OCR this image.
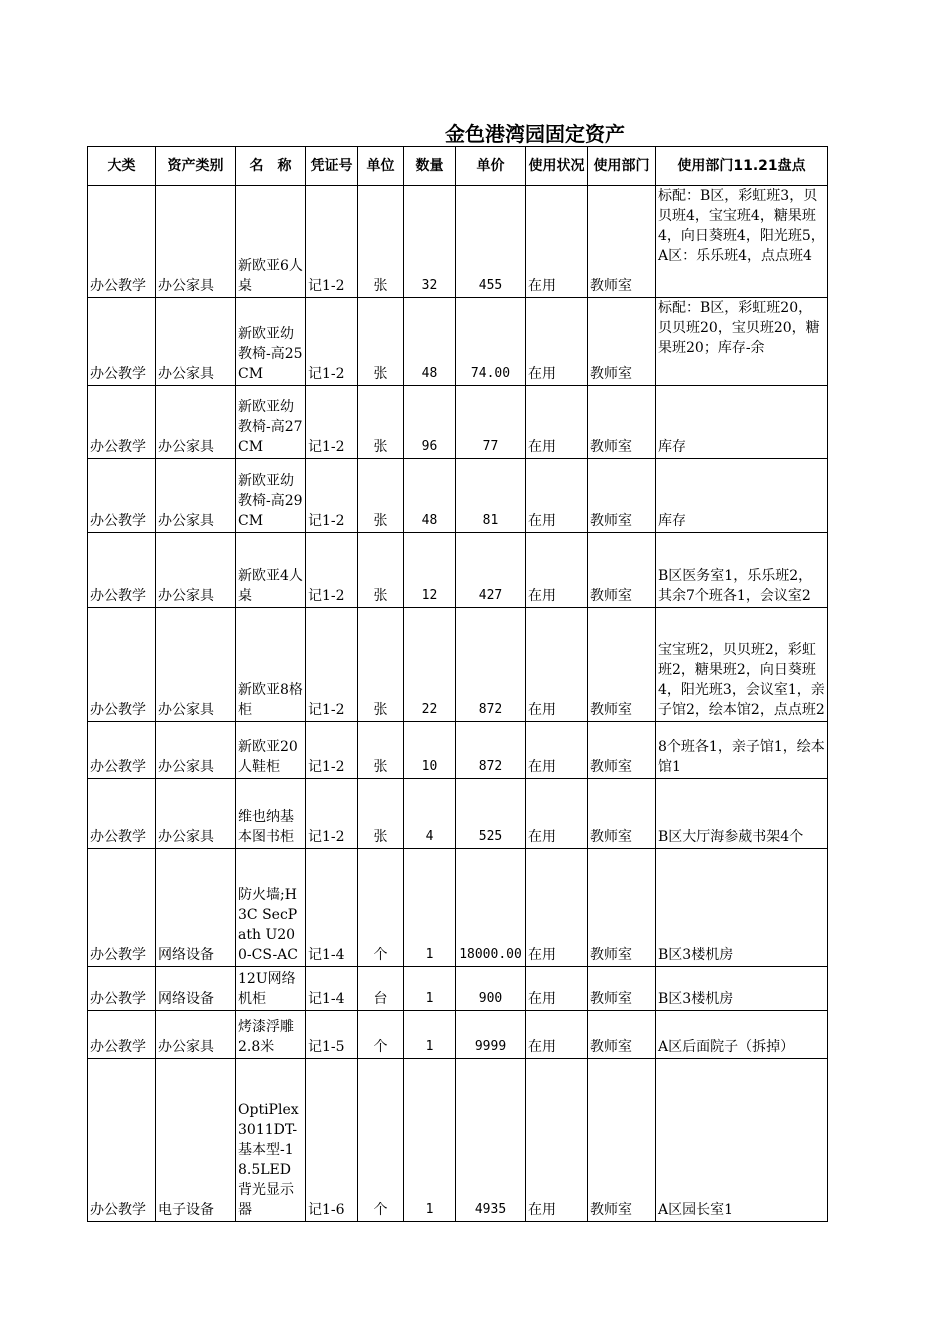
金色港湾园固定资产
大类	资产类别	名　称	凭证号	单位	数量	单价	使用状况	使用部门	使用部门11.21盘点
办公教学	办公家具	新欧亚6人桌	记1-2	张	32	455	在用	教师室	标配：B区，彩虹班3，贝贝班4，宝宝班4，糖果班4，向日葵班4，阳光班5，A区：乐乐班4，点点班4
办公教学	办公家具	新欧亚幼教椅-高25CM	记1-2	张	48	74.00	在用	教师室	标配：B区，彩虹班20，贝贝班20，宝贝班20，糖果班20；库存-余
办公教学	办公家具	新欧亚幼教椅-高27CM	记1-2	张	96	77	在用	教师室	库存
办公教学	办公家具	新欧亚幼教椅-高29CM	记1-2	张	48	81	在用	教师室	库存
办公教学	办公家具	新欧亚4人桌	记1-2	张	12	427	在用	教师室	B区医务室1，乐乐班2，其余7个班各1，会议室2
办公教学	办公家具	新欧亚8格柜	记1-2	张	22	872	在用	教师室	宝宝班2，贝贝班2，彩虹班2，糖果班2，向日葵班4，阳光班3，会议室1，亲子馆2，绘本馆2，点点班2
办公教学	办公家具	新欧亚20人鞋柜	记1-2	张	10	872	在用	教师室	8个班各1，亲子馆1，绘本馆1
办公教学	办公家具	维也纳基本图书柜	记1-2	张	4	525	在用	教师室	B区大厅海参葳书架4个
办公教学	网络设备	防火墙;H3C SecPath U200-CS-AC	记1-4	个	1	18000.00	在用	教师室	B区3楼机房
办公教学	网络设备	12U网络机柜	记1-4	台	1	900	在用	教师室	B区3楼机房
办公教学	办公家具	烤漆浮雕2.8米	记1-5	个	1	9999	在用	教师室	A区后面院子（拆掉）
办公教学	电子设备	OptiPlex 3011DT-基本型-18.5LED背光显示器	记1-6	个	1	4935	在用	教师室	A区园长室1
